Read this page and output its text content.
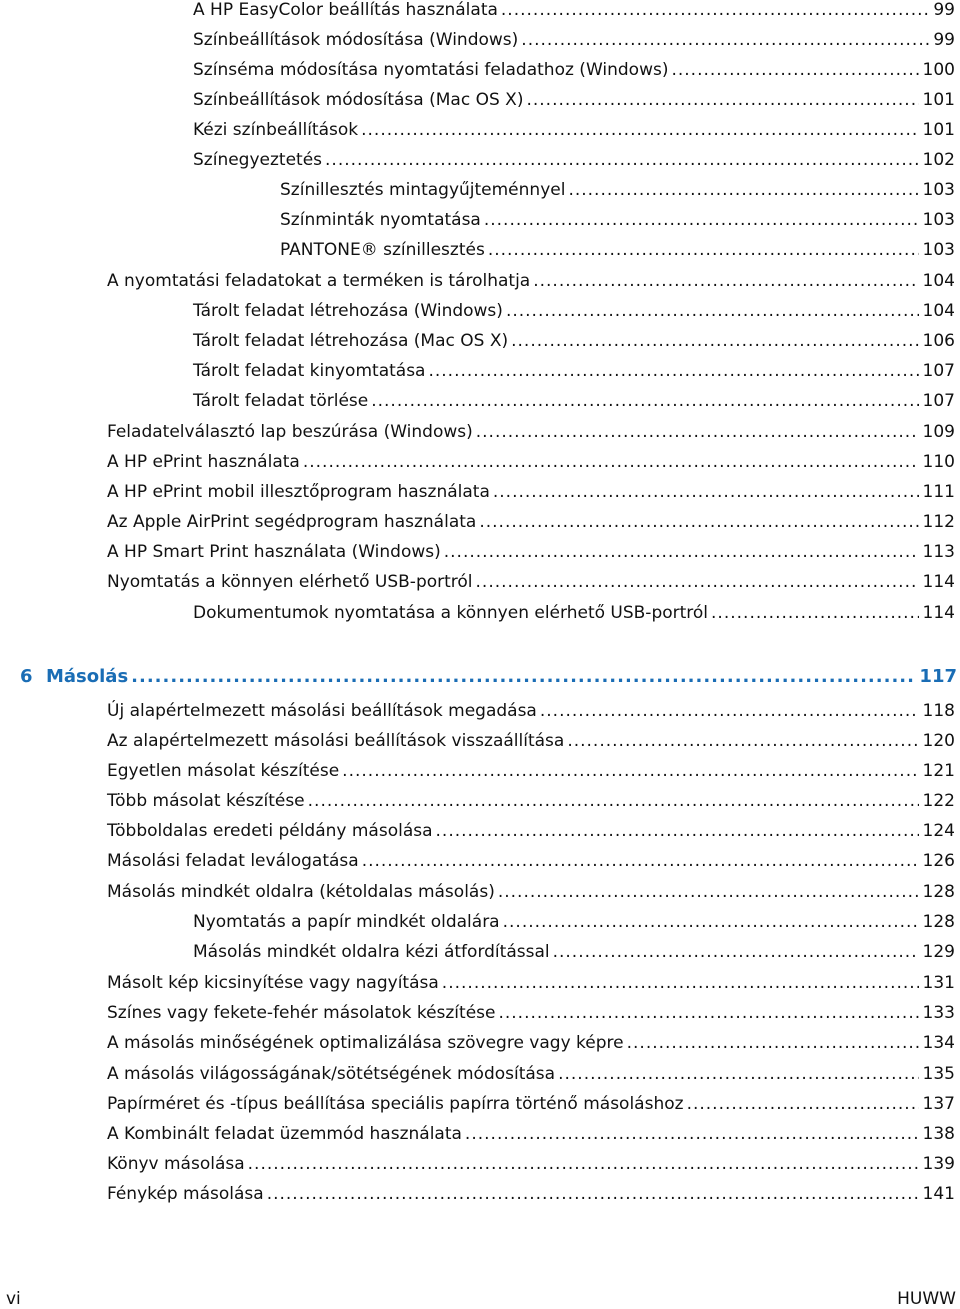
A HP EasyColor beállítás használata .....	99
Színbeállítások módosítása (Windows) .....	99
Színséma módosítása nyomtatási feladathoz (Windows) .....	100
Színbeállítások módosítása (Mac OS X) .....	101
Kézi színbeállítások .....	101
Színegyeztetés .....	102
Színillesztés mintagyűjteménnyel .....	103
Színminták nyomtatása .....	103
PANTONE® színillesztés .....	103
A nyomtatási feladatokat a terméken is tárolhatja .....	104
Tárolt feladat létrehozása (Windows) .....	104
Tárolt feladat létrehozása (Mac OS X) .....	106
Tárolt feladat kinyomtatása .....	107
Tárolt feladat törlése .....	107
Feladatelválasztó lap beszúrása (Windows) .....	109
A HP ePrint használata .....	110
A HP ePrint mobil illesztőprogram használata .....	111
Az Apple AirPrint segédprogram használata .....	112
A HP Smart Print használata (Windows) .....	113
Nyomtatás a könnyen elérhető USB-portról .....	114
Dokumentumok nyomtatása a könnyen elérhető USB-portról .....	114
6 Másolás .....	117
Új alapértelmezett másolási beállítások megadása .....	118
Az alapértelmezett másolási beállítások visszaállítása .....	120
Egyetlen másolat készítése .....	121
Több másolat készítése .....	122
Többoldalas eredeti példány másolása .....	124
Másolási feladat leválogatása .....	126
Másolás mindkét oldalra (kétoldalas másolás) .....	128
Nyomtatás a papír mindkét oldalára .....	128
Másolás mindkét oldalra kézi átfordítással .....	129
Másolt kép kicsinyítése vagy nagyítása .....	131
Színes vagy fekete-fehér másolatok készítése .....	133
A másolás minőségének optimalizálása szövegre vagy képre .....	134
A másolás világosságának/sötétségének módosítása .....	135
Papírméret és -típus beállítása speciális papírra történő másoláshoz .....	137
A Kombinált feladat üzemmód használata .....	138
Könyv másolása .....	139
Fénykép másolása .....	141
vi	HUWW
